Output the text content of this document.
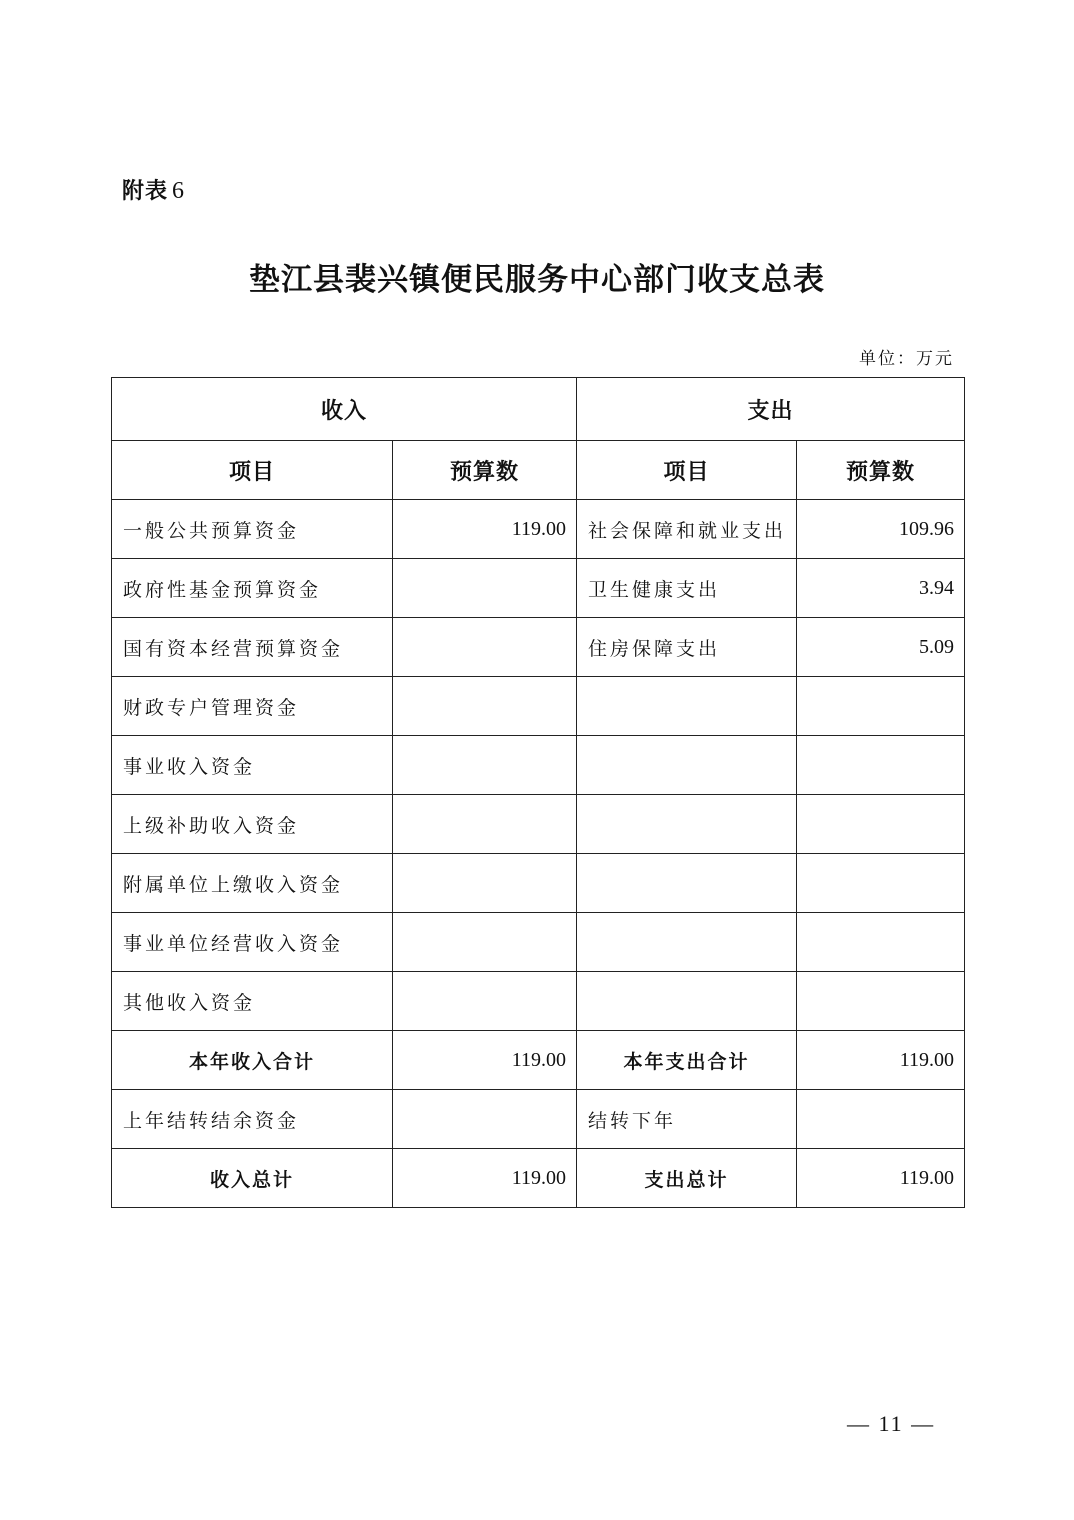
附表 6
垫江县裴兴镇便民服务中心部门收支总表
单位：万元
收入		支出	
项目	预算数	项目	预算数
一般公共预算资金	119.00	社会保障和就业支出	109.96
政府性基金预算资金		卫生健康支出	3.94
国有资本经营预算资金		住房保障支出	5.09
财政专户管理资金			
事业收入资金			
上级补助收入资金			
附属单位上缴收入资金			
事业单位经营收入资金			
其他收入资金			
本年收入合计	119.00	本年支出合计	119.00
上年结转结余资金		结转下年	
收入总计	119.00	支出总计	119.00
— 11 —
